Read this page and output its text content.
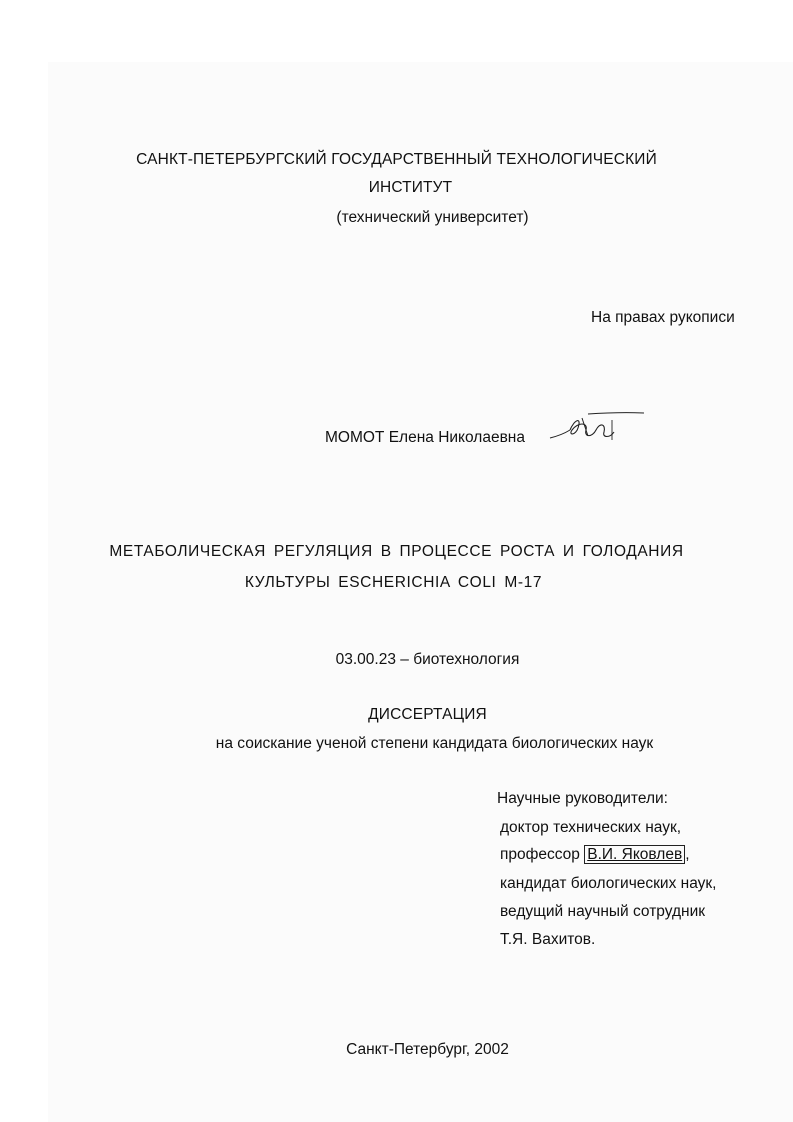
САНКТ-ПЕТЕРБУРГСКИЙ ГОСУДАРСТВЕННЫЙ ТЕХНОЛОГИЧЕСКИЙ
ИНСТИТУТ
(технический университет)
На правах рукописи
МОМОТ Елена Николаевна
МЕТАБОЛИЧЕСКАЯ РЕГУЛЯЦИЯ В ПРОЦЕССЕ РОСТА И ГОЛОДАНИЯ
КУЛЬТУРЫ ESCHERICHIA COLI М-17
03.00.23 – биотехнология
ДИССЕРТАЦИЯ
на соискание ученой степени кандидата биологических наук
Научные руководители:
доктор технических наук,
профессор В.И. Яковлев ,
кандидат биологических наук,
ведущий научный сотрудник
Т.Я. Вахитов.
Санкт-Петербург, 2002
